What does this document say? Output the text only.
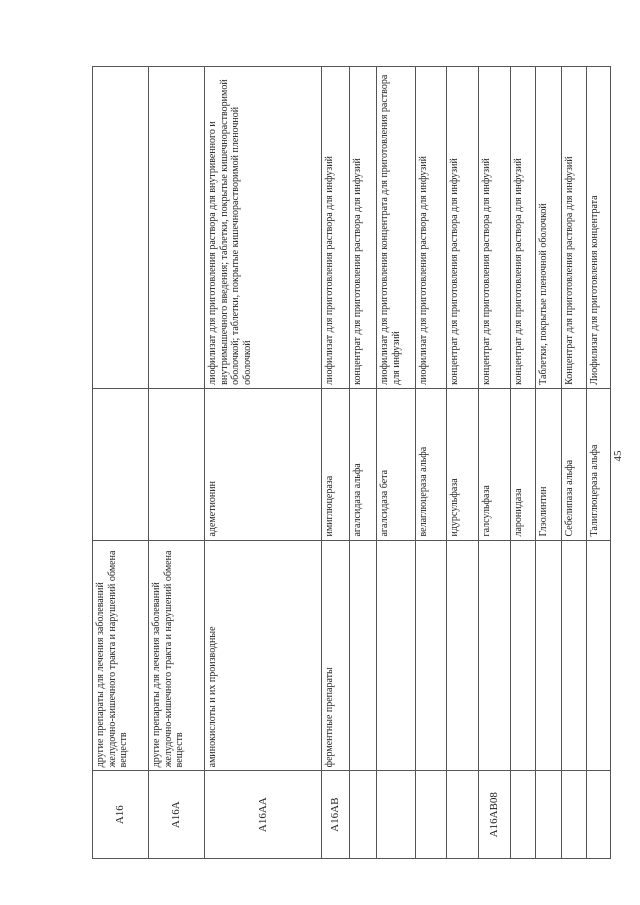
A16	другие препараты для лечения заболеваний желудочно-кишечного тракта и нарушений обмена веществ		
A16A	другие препараты для лечения заболеваний желудочно-кишечного тракта и нарушений обмена веществ		
A16AA	аминокислоты и их производные	адеметионин	лиофилизат для приготовления раствора для внутривенного и внутримышечного введения; таблетки, покрытые кишечнорастворимой оболочкой; таблетки, покрытые кишечнорастворимой пленочной оболочкой
A16AB	ферментные препараты	имиглюцераза	лиофилизат для приготовления раствора для инфузий
		агалсидаза альфа	концентрат для приготовления раствора для инфузий
		агалсидаза бета	лиофилизат для приготовления концентрата для приготовления раствора для инфузий
		велаглюцераза альфа	лиофилизат для приготовления раствора для инфузий
		идурсульфаза	концентрат для приготовления раствора для инфузий
A16AB08		галсульфаза	концентрат для приготовления раствора для инфузий
		ларонидаза	концентрат для приготовления раствора для инфузий
		Глэолинтин	Таблетки, покрытые пленочной оболочкой
		Себелипаза альфа	Концентрат для приготовления раствора для инфузий
		Талиглюцераза альфа	Лиофилизат для приготовления концентрата
45
